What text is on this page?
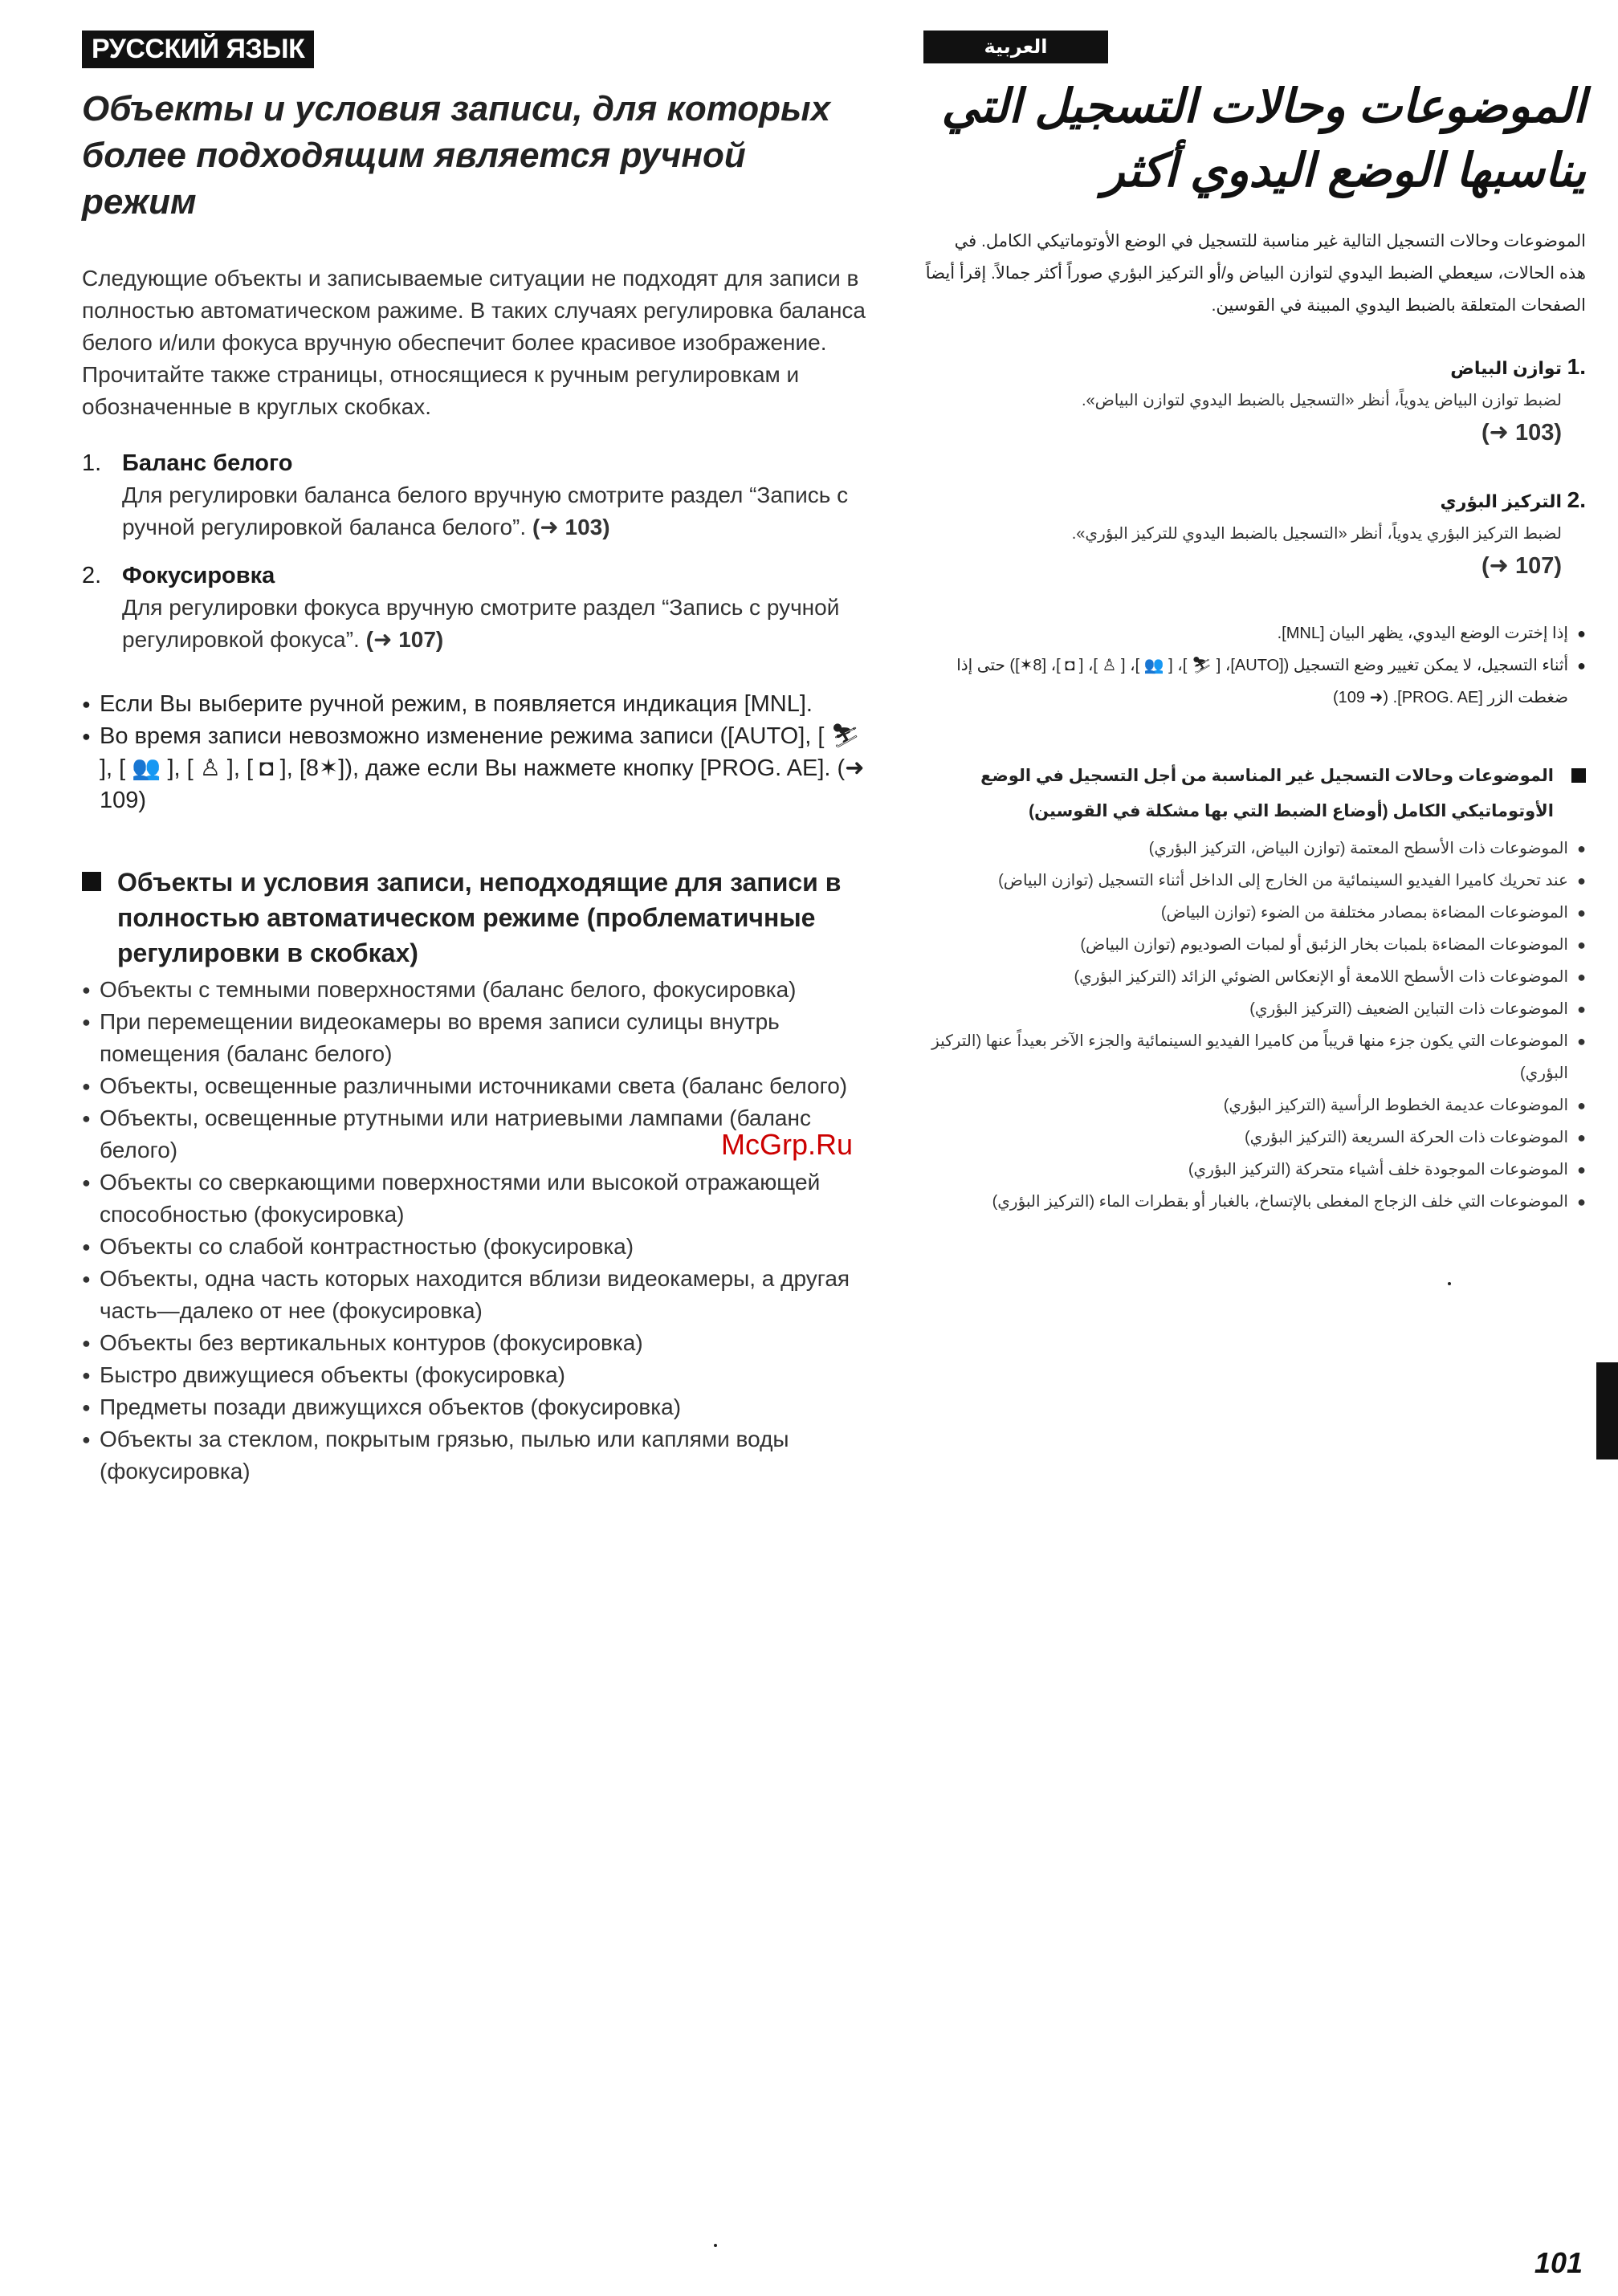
РУССКИЙ ЯЗЫК
Объекты и условия записи, для которых более подходящим является ручной режим

Следующие объекты и записываемые ситуации не подходят для записи в полностью автоматическом ражиме. В таких случаях регулировка баланса белого и/или фокуса вручную обеспечит более красивое изображение. Прочитайте также страницы, относящиеся к ручным регулировкам и обозначенные в круглых скобках.

1. Баланс белого
Для регулировки баланса белого вручную смотрите раздел “Запись с ручной регулировкой баланса белого”. (➜ 103)
2. Фокусировка
Для регулировки фокуса вручную смотрите раздел “Запись с ручной регулировкой фокуса”. (➜ 107)
● Если Вы выберите ручной режим, в появляется индикация [MNL].
● Во время записи невозможно изменение режима записи ([AUTO], [ ⛷ ], [ 👥 ], [ ♙ ], [ ◘ ], [8✶]), даже если Вы нажмете кнопку [PROG. AE]. (➜ 109)
Объекты и условия записи, неподходящие для записи в полностью автоматическом режиме (проблематичные регулировки в скобках)
● Объекты с темными поверхностями (баланс белого, фокусировка)
● При перемещении видеокамеры во время записи сулицы внутрь помещения (баланс белого)
● Объекты, освещенные различными источниками света (баланс белого)
● Объекты, освещенные ртутными или натриевыми лампами (баланс белого)
● Объекты со сверкающими поверхностями или высокой отражающей способностью (фокусировка)
● Объекты со слабой контрастностью (фокусировка)
● Объекты, одна часть которых находится вблизи видеокамеры, а другая часть—далеко от нее (фокусировка)
● Объекты без вертикальных контуров (фокусировка)
● Быстро движущиеся объекты (фокусировка)
● Предметы позади движущихся объектов (фокусировка)
● Объекты за стеклом, покрытым грязью, пылью или каплями воды (фокусировка)
العربية
الموضوعات وحالات التسجيل التي يناسبها الوضع اليدوي أكثر

الموضوعات وحالات التسجيل التالية غير مناسبة للتسجيل في الوضع الأوتوماتيكي الكامل. في هذه الحالات، سيعطي الضبط اليدوي لتوازن البياض و/أو التركيز البؤري صوراً أكثر جمالاً. إقرأ أيضاً الصفحات المتعلقة بالضبط اليدوي المبينة في القوسين.

.1توازن البياض
لضبط توازن البياض يدوياً، أنظر «التسجيل بالضبط اليدوي لتوازن البياض».
(➜ 103)
.2التركيز البؤري
لضبط التركيز البؤري يدوياً، أنظر «التسجيل بالضبط اليدوي للتركيز البؤري».
(➜ 107)
● إذا إخترت الوضع اليدوي، يظهر البيان [MNL].
● أثناء التسجيل، لا يمكن تغيير وضع التسجيل ([AUTO]، [ ⛷ ]، [ 👥 ]، [ ♙ ]، [ ◘ ]، [8✶]) حتى إذا ضغطت الزر [PROG. AE]. (➜ 109)
الموضوعات وحالات التسجيل غير المناسبة من أجل التسجيل في الوضع الأوتوماتيكي الكامل (أوضاع الضبط التي بها مشكلة في القوسين)
● الموضوعات ذات الأسطح المعتمة (توازن البياض، التركيز البؤري)
● عند تحريك كاميرا الفيديو السينمائية من الخارج إلى الداخل أثناء التسجيل (توازن البياض)
● الموضوعات المضاءة بمصادر مختلفة من الضوء (توازن البياض)
● الموضوعات المضاءة بلمبات بخار الزئبق أو لمبات الصوديوم (توازن البياض)
● الموضوعات ذات الأسطح اللامعة أو الإنعكاس الضوئي الزائد (التركيز البؤري)
● الموضوعات ذات التباين الضعيف (التركيز البؤري)
● الموضوعات التي يكون جزء منها قريباً من كاميرا الفيديو السينمائية والجزء الآخر بعيداً عنها (التركيز البؤري)
● الموضوعات عديمة الخطوط الرأسية (التركيز البؤري)
● الموضوعات ذات الحركة السريعة (التركيز البؤري)
● الموضوعات الموجودة خلف أشياء متحركة (التركيز البؤري)
● الموضوعات التي خلف الزجاج المغطى بالإتساخ، بالغبار أو بقطرات الماء (التركيز البؤري)
McGrp.Ru
101
